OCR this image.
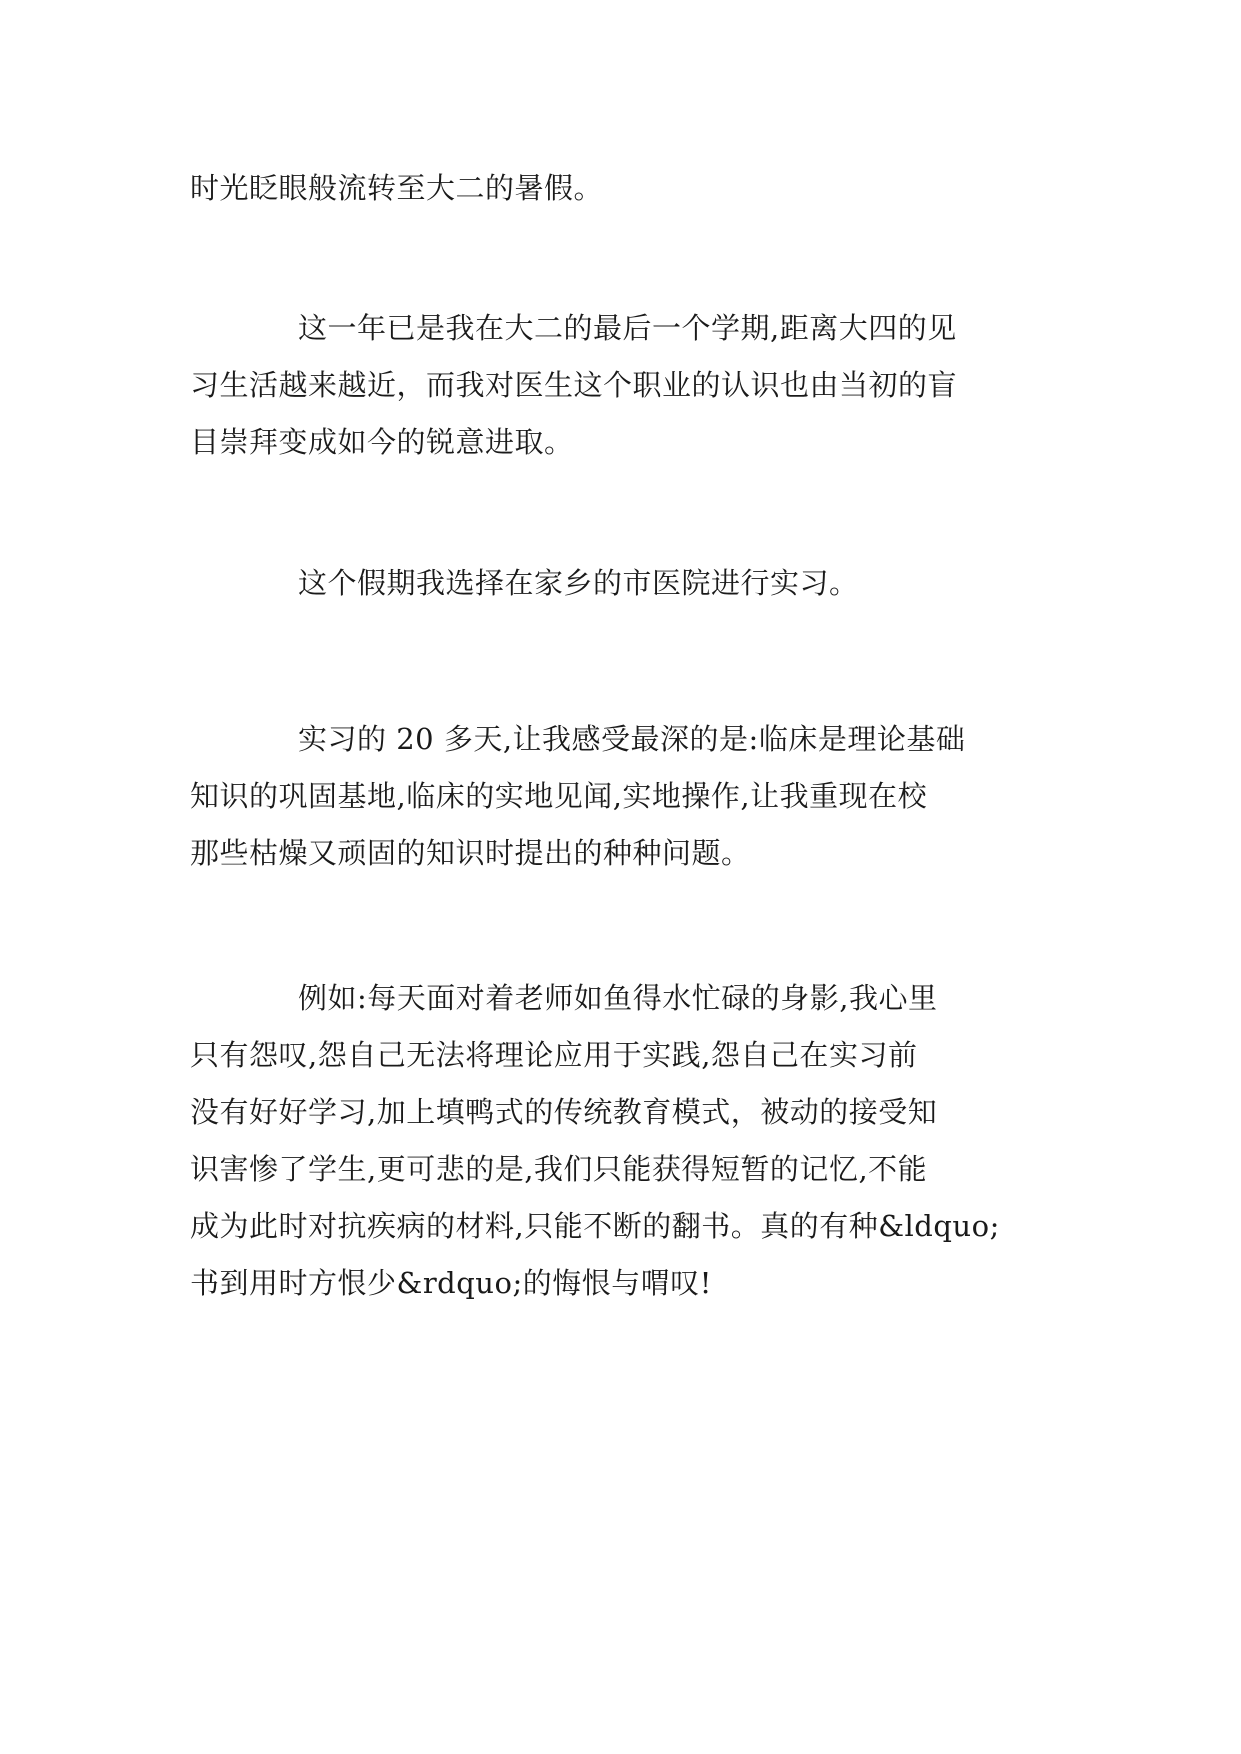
时光眨眼般流转至大二的暑假。
这一年已是我在大二的最后一个学期,距离大四的见
习生活越来越近，而我对医生这个职业的认识也由当初的盲
目崇拜变成如今的锐意进取。
这个假期我选择在家乡的市医院进行实习。
实习的 20 多天,让我感受最深的是:临床是理论基础
知识的巩固基地,临床的实地见闻,实地操作,让我重现在校
那些枯燥又顽固的知识时提出的种种问题。
例如:每天面对着老师如鱼得水忙碌的身影,我心里
只有怨叹,怨自己无法将理论应用于实践,怨自己在实习前
没有好好学习,加上填鸭式的传统教育模式，被动的接受知
识害惨了学生,更可悲的是,我们只能获得短暂的记忆,不能
成为此时对抗疾病的材料,只能不断的翻书。真的有种&ldquo;
书到用时方恨少&rdquo;的悔恨与喟叹!
